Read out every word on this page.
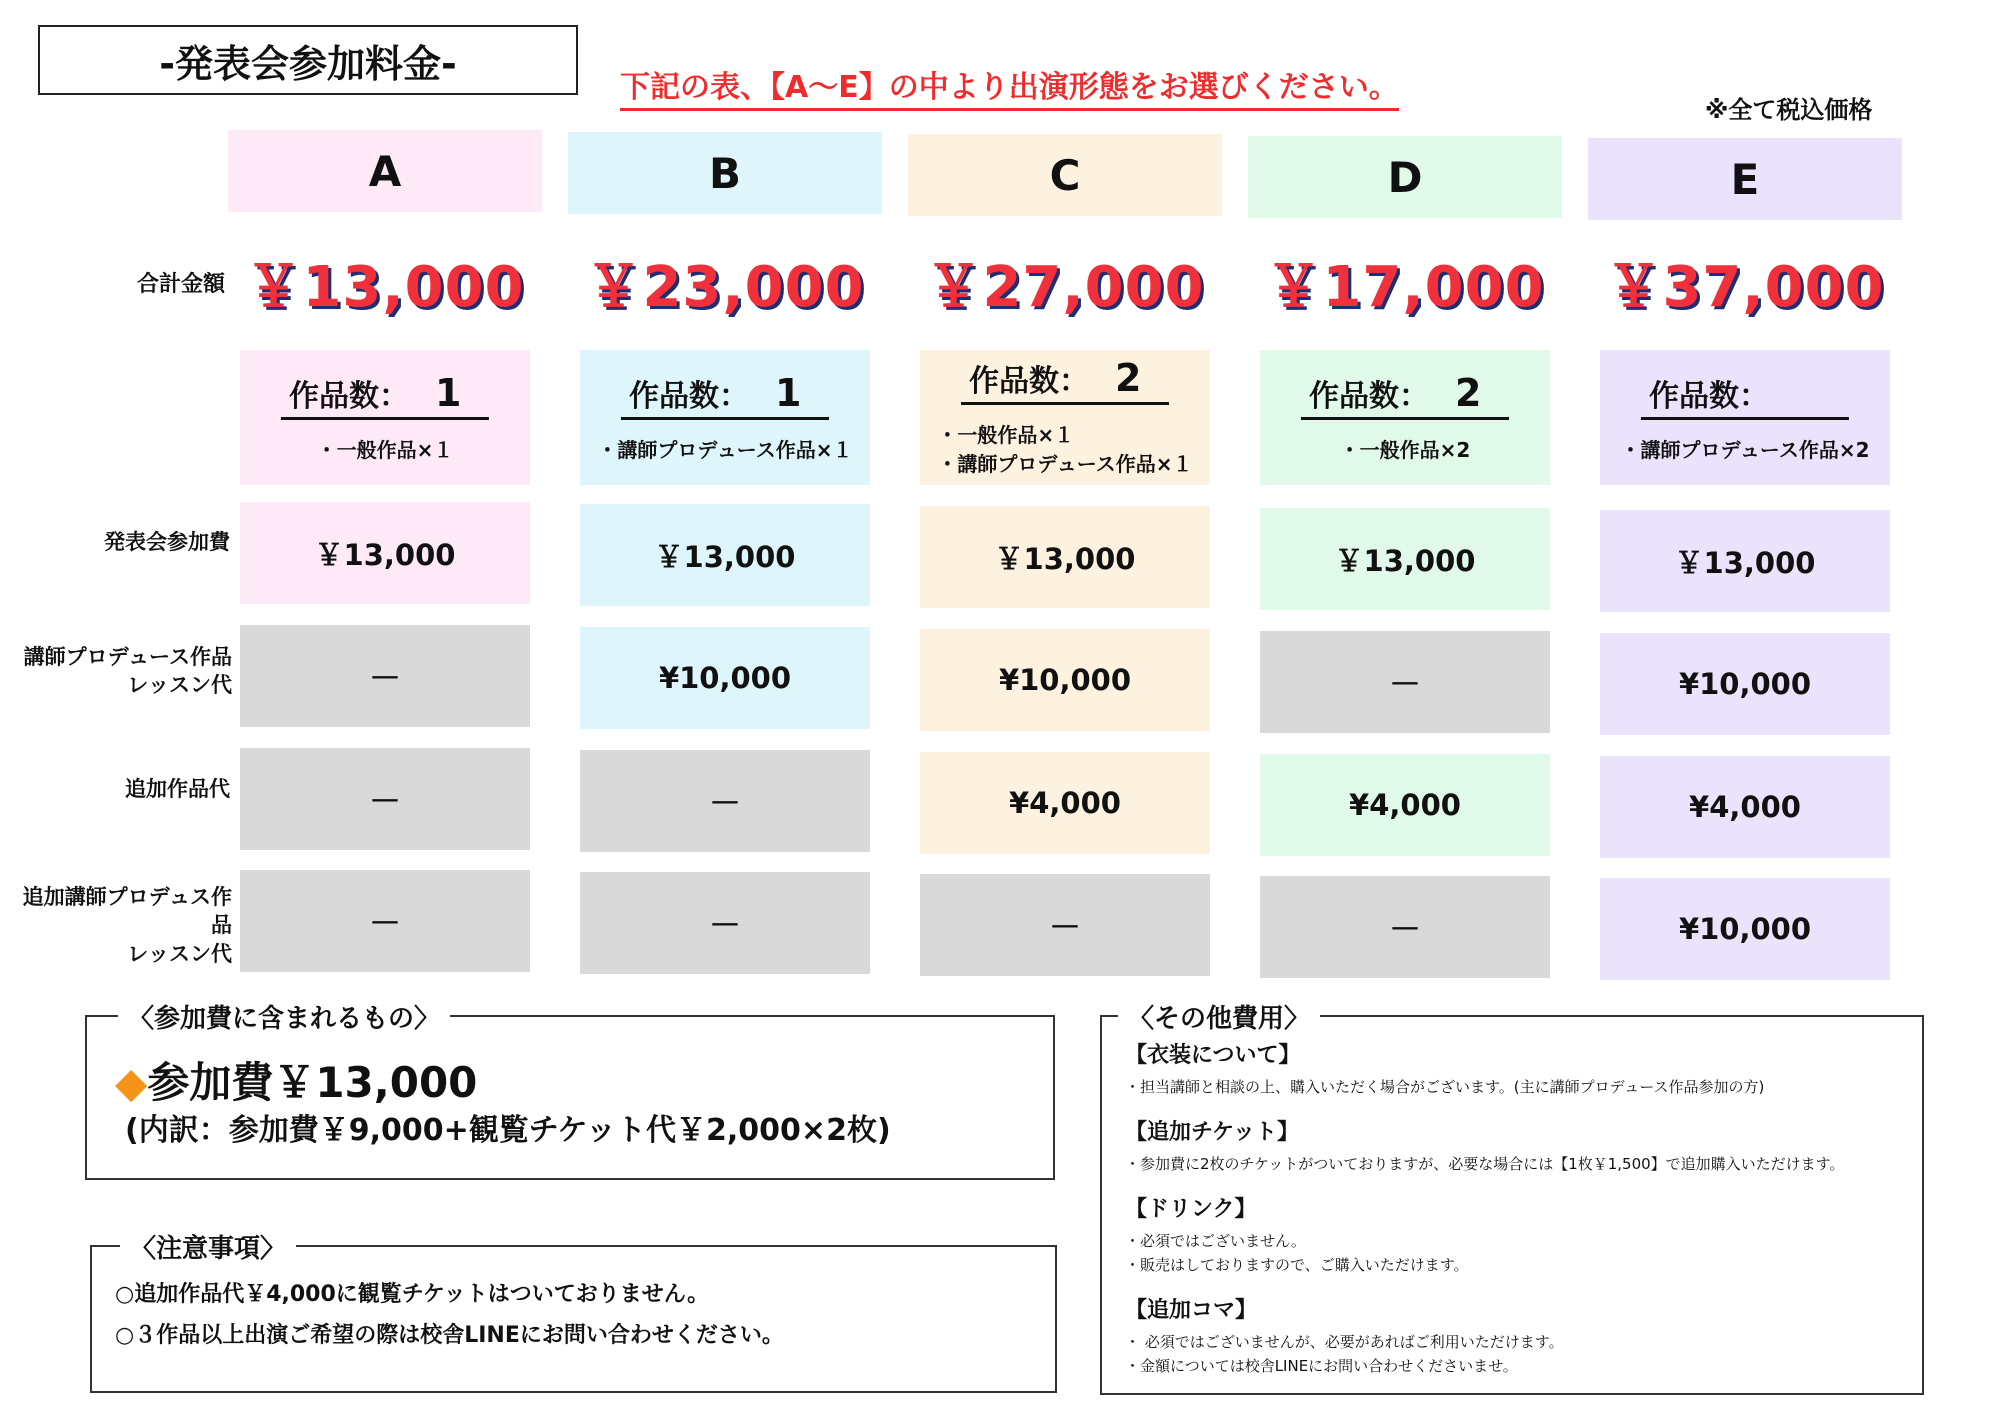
-発表会参加料金-
下記の表、【A～E】の中より出演形態をお選びください。
※全て税込価格
合計金額
発表会参加費
講師プロデュース作品
レッスン代
追加作品代
追加講師プロデュス作品
レッスン代
A
￥13,000
作品数： 1
・一般作品×１
￥13,000
－
－
－
B
￥23,000
作品数： 1
・講師プロデュース作品×１
￥13,000
¥10,000
－
－
C
￥27,000
作品数： 2
・一般作品×１
・講師プロデュース作品×１
￥13,000
¥10,000
¥4,000
－
D
￥17,000
作品数： 2
・一般作品×2
￥13,000
－
¥4,000
－
E
￥37,000
作品数：
・講師プロデュース作品×2
￥13,000
¥10,000
¥4,000
¥10,000
〈参加費に含まれるもの〉
◆参加費￥13,000
(内訳：参加費￥9,000+観覧チケット代￥2,000×2枚)
〈注意事項〉
○追加作品代￥4,000に観覧チケットはついておりません。
○３作品以上出演ご希望の際は校舎LINEにお問い合わせください。
〈その他費用〉
【衣装について】
・担当講師と相談の上、購入いただく場合がございます。(主に講師プロデュース作品参加の方)
【追加チケット】
・参加費に2枚のチケットがついておりますが、必要な場合には【1枚￥1,500】で追加購入いただけます。
【ドリンク】
・必須ではございません。
・販売はしておりますので、ご購入いただけます。
【追加コマ】
・ 必須ではございませんが、必要があればご利用いただけます。
・金額については校舎LINEにお問い合わせくださいませ。
